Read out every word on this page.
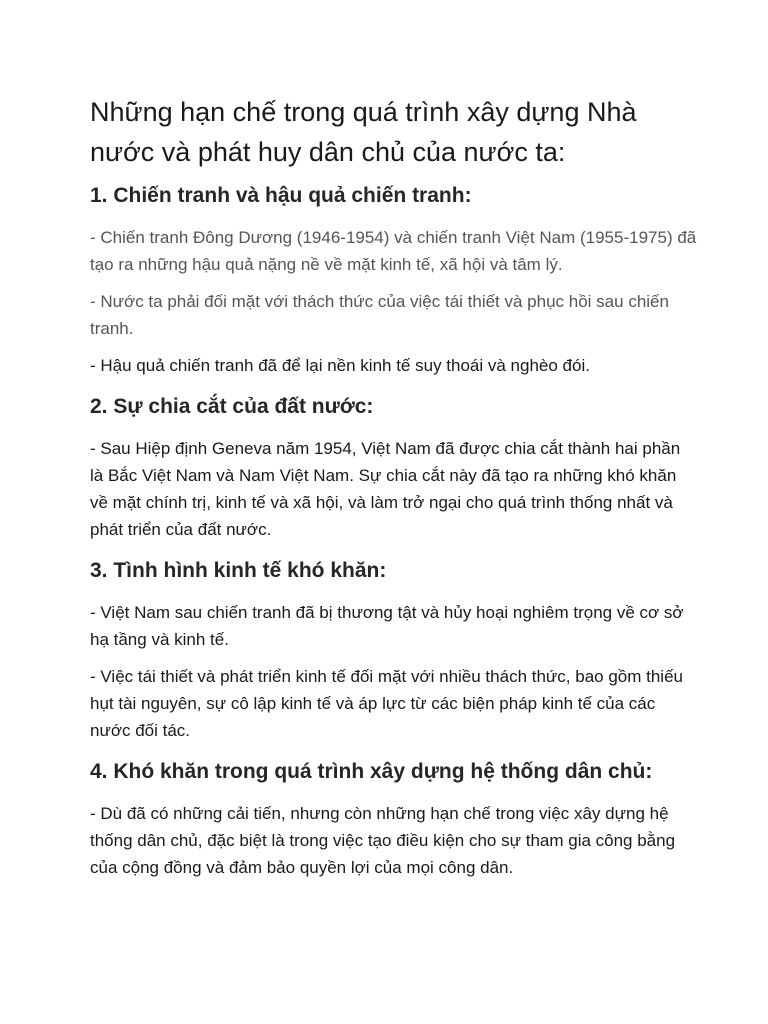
Những hạn chế trong quá trình xây dựng Nhà nước và phát huy dân chủ của nước ta:
1. Chiến tranh và hậu quả chiến tranh:

- Chiến tranh Đông Dương (1946-1954) và chiến tranh Việt Nam (1955-1975) đã tạo ra những hậu quả nặng nề về mặt kinh tế, xã hội và tâm lý.

- Nước ta phải đối mặt với thách thức của việc tái thiết và phục hồi sau chiến tranh.

- Hậu quả chiến tranh đã để lại nền kinh tế suy thoái và nghèo đói.

2. Sự chia cắt của đất nước:

- Sau Hiệp định Geneva năm 1954, Việt Nam đã được chia cắt thành hai phần là Bắc Việt Nam và Nam Việt Nam. Sự chia cắt này đã tạo ra những khó khăn về mặt chính trị, kinh tế và xã hội, và làm trở ngại cho quá trình thống nhất và phát triển của đất nước.

3. Tình hình kinh tế khó khăn:

- Việt Nam sau chiến tranh đã bị thương tật và hủy hoại nghiêm trọng về cơ sở hạ tầng và kinh tế.

- Việc tái thiết và phát triển kinh tế đối mặt với nhiều thách thức, bao gồm thiếu hụt tài nguyên, sự cô lập kinh tế và áp lực từ các biện pháp kinh tế của các nước đối tác.

4. Khó khăn trong quá trình xây dựng hệ thống dân chủ:

- Dù đã có những cải tiến, nhưng còn những hạn chế trong việc xây dựng hệ thống dân chủ, đặc biệt là trong việc tạo điều kiện cho sự tham gia công bằng của cộng đồng và đảm bảo quyền lợi của mọi công dân.
